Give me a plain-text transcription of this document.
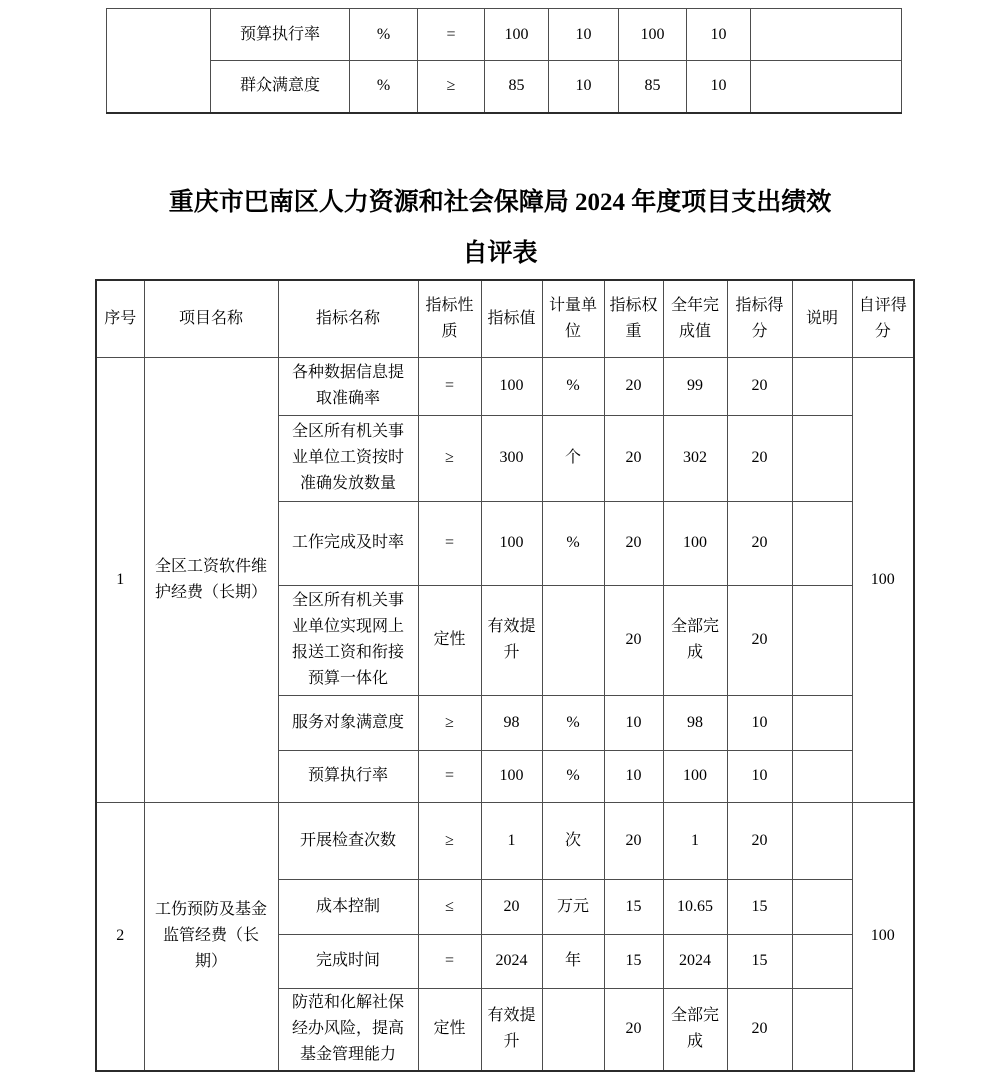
	预算执行率	%	=	100	10	100	10	
	群众满意度	%	≥	85	10	85	10	
重庆市巴南区人力资源和社会保障局 2024 年度项目支出绩效
自评表
序号	项目名称	指标名称	指标性质	指标值	计量单位	指标权重	全年完成值	指标得分	说明	自评得分
1	全区工资软件维护经费（长期）	各种数据信息提取准确率	=	100	%	20	99	20		100
		全区所有机关事业单位工资按时准确发放数量	≥	300	个	20	302	20		
		工作完成及时率	=	100	%	20	100	20		
		全区所有机关事业单位实现网上报送工资和衔接预算一体化	定性	有效提升		20	全部完成	20		
		服务对象满意度	≥	98	%	10	98	10		
		预算执行率	=	100	%	10	100	10		
2	工伤预防及基金监管经费（长期）	开展检查次数	≥	1	次	20	1	20		100
		成本控制	≤	20	万元	15	10.65	15		
		完成时间	=	2024	年	15	2024	15		
		防范和化解社保经办风险，提高基金管理能力	定性	有效提升		20	全部完成	20		
